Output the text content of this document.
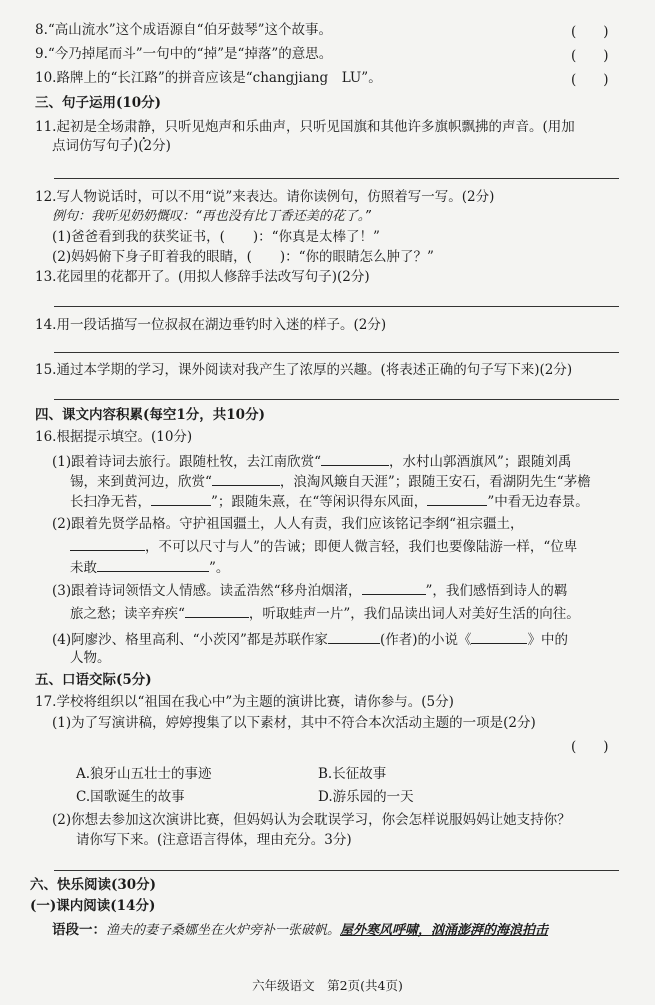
8.“高山流水”这个成语源自“伯牙鼓琴”这个故事。	(　　)
9.“今乃掉尾而斗”一句中的“掉”是“掉落”的意思。	(　　)
10.路牌上的“长江路”的拼音应该是“changjiang　LU”。	(　　)
三、句子运用(10分)
11.起初是全场肃静，只听见炮声和乐曲声，只听见国旗和其他许多旗帜飘拂的声音。(用加
点词仿写句子)(2分)
12.写人物说话时，可以不用“说”来表达。请你读例句，仿照着写一写。(2分)
例句：我听见奶奶慨叹：“再也没有比丁香还美的花了。”
(1)爸爸看到我的获奖证书，( )：“你真是太棒了！”
(2)妈妈俯下身子盯着我的眼睛，( )：“你的眼睛怎么肿了？”
13.花园里的花都开了。(用拟人修辞手法改写句子)(2分)
14.用一段话描写一位叔叔在湖边垂钓时入迷的样子。(2分)
15.通过本学期的学习，课外阅读对我产生了浓厚的兴趣。(将表述正确的句子写下来)(2分)
四、课文内容积累(每空1分，共10分)
16.根据提示填空。(10分)
(1)跟着诗词去旅行。跟随杜牧，去江南欣赏“	，水村山郭酒旗风”；跟随刘禹
锡，来到黄河边，欣赏“	，浪淘风簸自天涯”；跟随王安石，看湖阴先生“茅檐
长扫净无苔，	”；跟随朱熹，在“等闲识得东风面，	”中看无边春景。
(2)跟着先贤学品格。守护祖国疆土，人人有责，我们应该铭记李纲“祖宗疆土，
，不可以尺寸与人”的告诫；即便人微言轻，我们也要像陆游一样，“位卑
未敢	”。
(3)跟着诗词领悟文人情感。读孟浩然“移舟泊烟渚，	”，我们感悟到诗人的羁
旅之愁；读辛弃疾“	，听取蛙声一片”，我们品读出词人对美好生活的向往。
(4)阿廖沙、格里高利、“小茨冈”都是苏联作家	(作者)的小说《	》中的
人物。
五、口语交际(5分)
17.学校将组织以“祖国在我心中”为主题的演讲比赛，请你参与。(5分)
(1)为了写演讲稿，婷婷搜集了以下素材，其中不符合本次活动主题的一项是(2分)
(　　)
A.狼牙山五壮士的事迹	B.长征故事
C.国歌诞生的故事	D.游乐园的一天
(2)你想去参加这次演讲比赛，但妈妈认为会耽误学习，你会怎样说服妈妈让她支持你？
请你写下来。(注意语言得体，理由充分。3分)
六、快乐阅读(30分)
(一)课内阅读(14分)
语段一：渔夫的妻子桑娜坐在火炉旁补一张破帆。屋外寒风呼啸，汹涌澎湃的海浪拍击
六年级语文　第2页(共4页)
